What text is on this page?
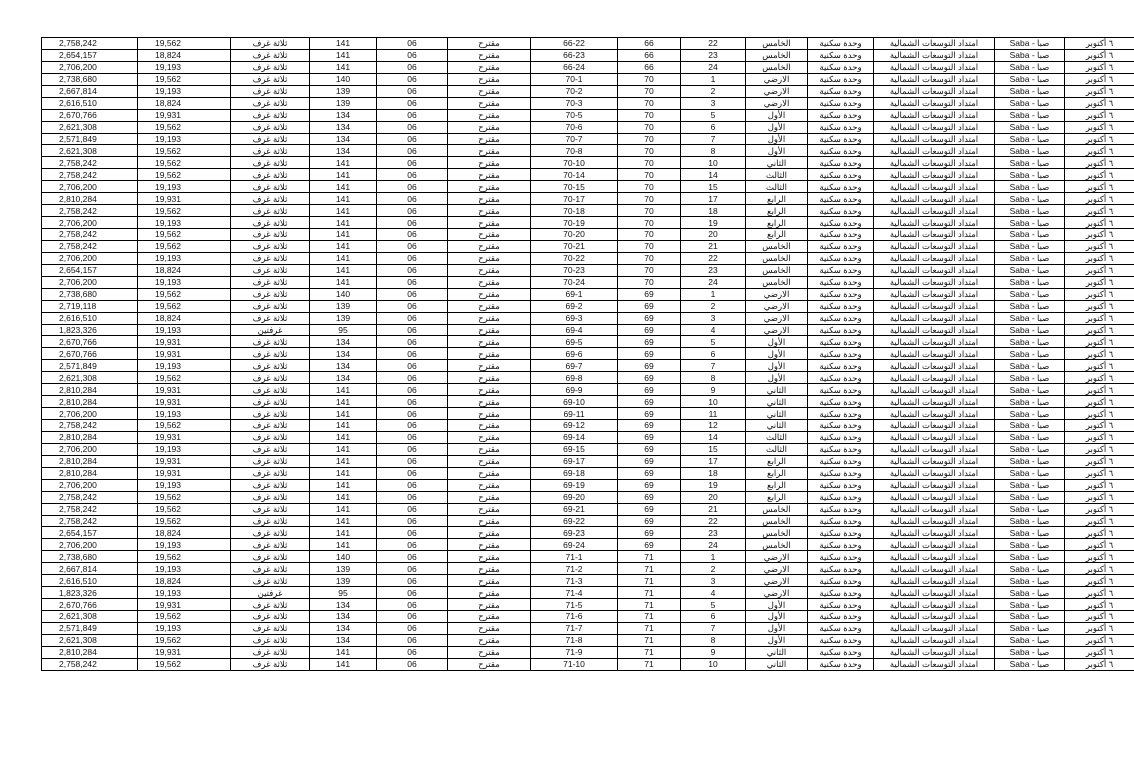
2,758,242	19,562	ثلاثة غرف	141	06	مقترح	66-22	66	22	الخامس	وحدة سكنية	امتداد التوسعات الشمالية	صبا - Saba	٦ أكتوبر
2,654,157	18,824	ثلاثة غرف	141	06	مقترح	66-23	66	23	الخامس	وحدة سكنية	امتداد التوسعات الشمالية	صبا - Saba	٦ أكتوبر
2,706,200	19,193	ثلاثة غرف	141	06	مقترح	66-24	66	24	الخامس	وحدة سكنية	امتداد التوسعات الشمالية	صبا - Saba	٦ أكتوبر
2,738,680	19,562	ثلاثة غرف	140	06	مقترح	70-1	70	1	الارضي	وحدة سكنية	امتداد التوسعات الشمالية	صبا - Saba	٦ أكتوبر
2,667,814	19,193	ثلاثة غرف	139	06	مقترح	70-2	70	2	الارضي	وحدة سكنية	امتداد التوسعات الشمالية	صبا - Saba	٦ أكتوبر
2,616,510	18,824	ثلاثة غرف	139	06	مقترح	70-3	70	3	الارضي	وحدة سكنية	امتداد التوسعات الشمالية	صبا - Saba	٦ أكتوبر
2,670,766	19,931	ثلاثة غرف	134	06	مقترح	70-5	70	5	الأول	وحدة سكنية	امتداد التوسعات الشمالية	صبا - Saba	٦ أكتوبر
2,621,308	19,562	ثلاثة غرف	134	06	مقترح	70-6	70	6	الأول	وحدة سكنية	امتداد التوسعات الشمالية	صبا - Saba	٦ أكتوبر
2,571,849	19,193	ثلاثة غرف	134	06	مقترح	70-7	70	7	الأول	وحدة سكنية	امتداد التوسعات الشمالية	صبا - Saba	٦ أكتوبر
2,621,308	19,562	ثلاثة غرف	134	06	مقترح	70-8	70	8	الأول	وحدة سكنية	امتداد التوسعات الشمالية	صبا - Saba	٦ أكتوبر
2,758,242	19,562	ثلاثة غرف	141	06	مقترح	70-10	70	10	الثاني	وحدة سكنية	امتداد التوسعات الشمالية	صبا - Saba	٦ أكتوبر
2,758,242	19,562	ثلاثة غرف	141	06	مقترح	70-14	70	14	الثالث	وحدة سكنية	امتداد التوسعات الشمالية	صبا - Saba	٦ أكتوبر
2,706,200	19,193	ثلاثة غرف	141	06	مقترح	70-15	70	15	الثالث	وحدة سكنية	امتداد التوسعات الشمالية	صبا - Saba	٦ أكتوبر
2,810,284	19,931	ثلاثة غرف	141	06	مقترح	70-17	70	17	الرابع	وحدة سكنية	امتداد التوسعات الشمالية	صبا - Saba	٦ أكتوبر
2,758,242	19,562	ثلاثة غرف	141	06	مقترح	70-18	70	18	الرابع	وحدة سكنية	امتداد التوسعات الشمالية	صبا - Saba	٦ أكتوبر
2,706,200	19,193	ثلاثة غرف	141	06	مقترح	70-19	70	19	الرابع	وحدة سكنية	امتداد التوسعات الشمالية	صبا - Saba	٦ أكتوبر
2,758,242	19,562	ثلاثة غرف	141	06	مقترح	70-20	70	20	الرابع	وحدة سكنية	امتداد التوسعات الشمالية	صبا - Saba	٦ أكتوبر
2,758,242	19,562	ثلاثة غرف	141	06	مقترح	70-21	70	21	الخامس	وحدة سكنية	امتداد التوسعات الشمالية	صبا - Saba	٦ أكتوبر
2,706,200	19,193	ثلاثة غرف	141	06	مقترح	70-22	70	22	الخامس	وحدة سكنية	امتداد التوسعات الشمالية	صبا - Saba	٦ أكتوبر
2,654,157	18,824	ثلاثة غرف	141	06	مقترح	70-23	70	23	الخامس	وحدة سكنية	امتداد التوسعات الشمالية	صبا - Saba	٦ أكتوبر
2,706,200	19,193	ثلاثة غرف	141	06	مقترح	70-24	70	24	الخامس	وحدة سكنية	امتداد التوسعات الشمالية	صبا - Saba	٦ أكتوبر
2,738,680	19,562	ثلاثة غرف	140	06	مقترح	69-1	69	1	الارضي	وحدة سكنية	امتداد التوسعات الشمالية	صبا - Saba	٦ أكتوبر
2,719,118	19,562	ثلاثة غرف	139	06	مقترح	69-2	69	2	الارضي	وحدة سكنية	امتداد التوسعات الشمالية	صبا - Saba	٦ أكتوبر
2,616,510	18,824	ثلاثة غرف	139	06	مقترح	69-3	69	3	الارضي	وحدة سكنية	امتداد التوسعات الشمالية	صبا - Saba	٦ أكتوبر
1,823,326	19,193	غرفتين	95	06	مقترح	69-4	69	4	الارضي	وحدة سكنية	امتداد التوسعات الشمالية	صبا - Saba	٦ أكتوبر
2,670,766	19,931	ثلاثة غرف	134	06	مقترح	69-5	69	5	الأول	وحدة سكنية	امتداد التوسعات الشمالية	صبا - Saba	٦ أكتوبر
2,670,766	19,931	ثلاثة غرف	134	06	مقترح	69-6	69	6	الأول	وحدة سكنية	امتداد التوسعات الشمالية	صبا - Saba	٦ أكتوبر
2,571,849	19,193	ثلاثة غرف	134	06	مقترح	69-7	69	7	الأول	وحدة سكنية	امتداد التوسعات الشمالية	صبا - Saba	٦ أكتوبر
2,621,308	19,562	ثلاثة غرف	134	06	مقترح	69-8	69	8	الأول	وحدة سكنية	امتداد التوسعات الشمالية	صبا - Saba	٦ أكتوبر
2,810,284	19,931	ثلاثة غرف	141	06	مقترح	69-9	69	9	الثاني	وحدة سكنية	امتداد التوسعات الشمالية	صبا - Saba	٦ أكتوبر
2,810,284	19,931	ثلاثة غرف	141	06	مقترح	69-10	69	10	الثاني	وحدة سكنية	امتداد التوسعات الشمالية	صبا - Saba	٦ أكتوبر
2,706,200	19,193	ثلاثة غرف	141	06	مقترح	69-11	69	11	الثاني	وحدة سكنية	امتداد التوسعات الشمالية	صبا - Saba	٦ أكتوبر
2,758,242	19,562	ثلاثة غرف	141	06	مقترح	69-12	69	12	الثاني	وحدة سكنية	امتداد التوسعات الشمالية	صبا - Saba	٦ أكتوبر
2,810,284	19,931	ثلاثة غرف	141	06	مقترح	69-14	69	14	الثالث	وحدة سكنية	امتداد التوسعات الشمالية	صبا - Saba	٦ أكتوبر
2,706,200	19,193	ثلاثة غرف	141	06	مقترح	69-15	69	15	الثالث	وحدة سكنية	امتداد التوسعات الشمالية	صبا - Saba	٦ أكتوبر
2,810,284	19,931	ثلاثة غرف	141	06	مقترح	69-17	69	17	الرابع	وحدة سكنية	امتداد التوسعات الشمالية	صبا - Saba	٦ أكتوبر
2,810,284	19,931	ثلاثة غرف	141	06	مقترح	69-18	69	18	الرابع	وحدة سكنية	امتداد التوسعات الشمالية	صبا - Saba	٦ أكتوبر
2,706,200	19,193	ثلاثة غرف	141	06	مقترح	69-19	69	19	الرابع	وحدة سكنية	امتداد التوسعات الشمالية	صبا - Saba	٦ أكتوبر
2,758,242	19,562	ثلاثة غرف	141	06	مقترح	69-20	69	20	الرابع	وحدة سكنية	امتداد التوسعات الشمالية	صبا - Saba	٦ أكتوبر
2,758,242	19,562	ثلاثة غرف	141	06	مقترح	69-21	69	21	الخامس	وحدة سكنية	امتداد التوسعات الشمالية	صبا - Saba	٦ أكتوبر
2,758,242	19,562	ثلاثة غرف	141	06	مقترح	69-22	69	22	الخامس	وحدة سكنية	امتداد التوسعات الشمالية	صبا - Saba	٦ أكتوبر
2,654,157	18,824	ثلاثة غرف	141	06	مقترح	69-23	69	23	الخامس	وحدة سكنية	امتداد التوسعات الشمالية	صبا - Saba	٦ أكتوبر
2,706,200	19,193	ثلاثة غرف	141	06	مقترح	69-24	69	24	الخامس	وحدة سكنية	امتداد التوسعات الشمالية	صبا - Saba	٦ أكتوبر
2,738,680	19,562	ثلاثة غرف	140	06	مقترح	71-1	71	1	الارضي	وحدة سكنية	امتداد التوسعات الشمالية	صبا - Saba	٦ أكتوبر
2,667,814	19,193	ثلاثة غرف	139	06	مقترح	71-2	71	2	الارضي	وحدة سكنية	امتداد التوسعات الشمالية	صبا - Saba	٦ أكتوبر
2,616,510	18,824	ثلاثة غرف	139	06	مقترح	71-3	71	3	الارضي	وحدة سكنية	امتداد التوسعات الشمالية	صبا - Saba	٦ أكتوبر
1,823,326	19,193	غرفتين	95	06	مقترح	71-4	71	4	الارضي	وحدة سكنية	امتداد التوسعات الشمالية	صبا - Saba	٦ أكتوبر
2,670,766	19,931	ثلاثة غرف	134	06	مقترح	71-5	71	5	الأول	وحدة سكنية	امتداد التوسعات الشمالية	صبا - Saba	٦ أكتوبر
2,621,308	19,562	ثلاثة غرف	134	06	مقترح	71-6	71	6	الأول	وحدة سكنية	امتداد التوسعات الشمالية	صبا - Saba	٦ أكتوبر
2,571,849	19,193	ثلاثة غرف	134	06	مقترح	71-7	71	7	الأول	وحدة سكنية	امتداد التوسعات الشمالية	صبا - Saba	٦ أكتوبر
2,621,308	19,562	ثلاثة غرف	134	06	مقترح	71-8	71	8	الأول	وحدة سكنية	امتداد التوسعات الشمالية	صبا - Saba	٦ أكتوبر
2,810,284	19,931	ثلاثة غرف	141	06	مقترح	71-9	71	9	الثاني	وحدة سكنية	امتداد التوسعات الشمالية	صبا - Saba	٦ أكتوبر
2,758,242	19,562	ثلاثة غرف	141	06	مقترح	71-10	71	10	الثاني	وحدة سكنية	امتداد التوسعات الشمالية	صبا - Saba	٦ أكتوبر
